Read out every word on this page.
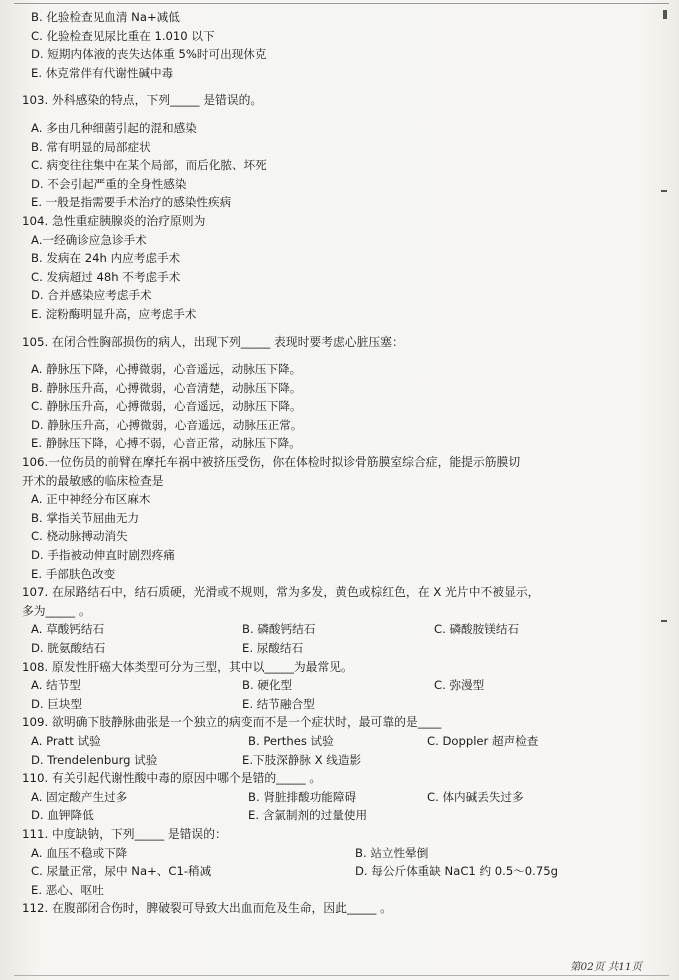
B. 化验检查见血清 Na+减低
C. 化验检查见尿比重在 1.010 以下
D. 短期内体液的丧失达体重 5%时可出现休克
E. 休克常伴有代谢性碱中毒
103. 外科感染的特点，下列_____ 是错误的。
A. 多由几种细菌引起的混和感染
B. 常有明显的局部症状
C. 病变往往集中在某个局部，而后化脓、坏死
D. 不会引起严重的全身性感染
E. 一般是指需要手术治疗的感染性疾病
104. 急性重症胰腺炎的治疗原则为
A.一经确诊应急诊手术
B. 发病在 24h 内应考虑手术
C. 发病超过 48h 不考虑手术
D. 合并感染应考虑手术
E. 淀粉酶明显升高，应考虑手术
105. 在闭合性胸部损伤的病人，出现下列_____ 表现时要考虑心脏压塞：
A. 静脉压下降，心搏微弱，心音遥远，动脉压下降。
B. 静脉压升高，心搏微弱，心音清楚，动脉压下降。
C. 静脉压升高，心搏微弱，心音遥远，动脉压下降。
D. 静脉压升高，心搏微弱，心音遥远，动脉压正常。
E. 静脉压下降，心搏不弱，心音正常，动脉压下降。
106.一位伤员的前臂在摩托车祸中被挤压受伤，你在体检时拟诊骨筋膜室综合症，能提示筋膜切
开术的最敏感的临床检查是
A. 正中神经分布区麻木
B. 掌指关节屈曲无力
C. 桡动脉搏动消失
D. 手指被动伸直时剧烈疼痛
E. 手部肤色改变
107. 在尿路结石中，结石质硬，光滑或不规则，常为多发，黄色或棕红色，在 X 光片中不被显示，
多为_____ 。
A. 草酸钙结石	B. 磷酸钙结石	C. 磷酸胺镁结石
D. 胱氨酸结石	E. 尿酸结石
108. 原发性肝癌大体类型可分为三型，其中以_____为最常见。
A. 结节型	B. 硬化型	C. 弥漫型
D. 巨块型	E. 结节融合型
109. 欲明确下肢静脉曲张是一个独立的病变而不是一个症状时，最可靠的是____
A. Pratt 试验	B. Perthes 试验	C. Doppler 超声检查
D. Trendelenburg 试验	E.下肢深静脉 X 线造影
110. 有关引起代谢性酸中毒的原因中哪个是错的_____ 。
A. 固定酸产生过多	B. 肾脏排酸功能障碍	C. 体内碱丢失过多
D. 血钾降低	E. 含氯制剂的过量使用
111. 中度缺钠，下列_____ 是错误的：
A. 血压不稳或下降	B. 站立性晕倒
C. 尿量正常，尿中 Na+、C1-稍减	D. 每公斤体重缺 NaC1 约 0.5～0.75g
E. 恶心、呕吐
112. 在腹部闭合伤时，脾破裂可导致大出血而危及生命，因此_____ 。
第02页 共11页
